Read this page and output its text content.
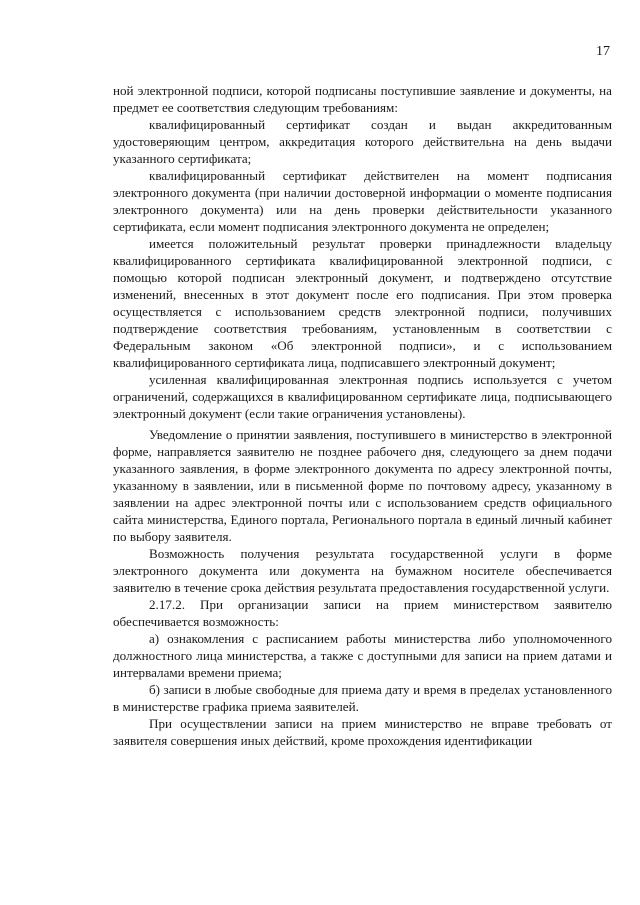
17

ной электронной подписи, которой подписаны поступившие заявление и документы, на предмет ее соответствия следующим требованиям:

квалифицированный сертификат создан и выдан аккредитованным удостоверяющим центром, аккредитация которого действительна на день выдачи указанного сертификата;

квалифицированный сертификат действителен на момент подписания электронного документа (при наличии достоверной информации о моменте подписания электронного документа) или на день проверки действительности указанного сертификата, если момент подписания электронного документа не определен;

имеется положительный результат проверки принадлежности владельцу квалифицированного сертификата квалифицированной электронной подписи, с помощью которой подписан электронный документ, и подтверждено отсутствие изменений, внесенных в этот документ после его подписания. При этом проверка осуществляется с использованием средств электронной подписи, получивших подтверждение соответствия требованиям, установленным в соответствии с Федеральным законом «Об электронной подписи», и с использованием квалифицированного сертификата лица, подписавшего электронный документ;

усиленная квалифицированная электронная подпись используется с учетом ограничений, содержащихся в квалифицированном сертификате лица, подписывающего электронный документ (если такие ограничения установлены).

Уведомление о принятии заявления, поступившего в министерство в электронной форме, направляется заявителю не позднее рабочего дня, следующего за днем подачи указанного заявления, в форме электронного документа по адресу электронной почты, указанному в заявлении, или в письменной форме по почтовому адресу, указанному в заявлении на адрес электронной почты или с использованием средств официального сайта министерства, Единого портала, Регионального портала в единый личный кабинет по выбору заявителя.

Возможность получения результата государственной услуги в форме электронного документа или документа на бумажном носителе обеспечивается заявителю в течение срока действия результата предоставления государственной услуги.

2.17.2. При организации записи на прием министерством заявителю обеспечивается возможность:

а) ознакомления с расписанием работы министерства либо уполномоченного должностного лица министерства, а также с доступными для записи на прием датами и интервалами времени приема;

б) записи в любые свободные для приема дату и время в пределах установленного в министерстве графика приема заявителей.

При осуществлении записи на прием министерство не вправе требовать от заявителя совершения иных действий, кроме прохождения идентификации
